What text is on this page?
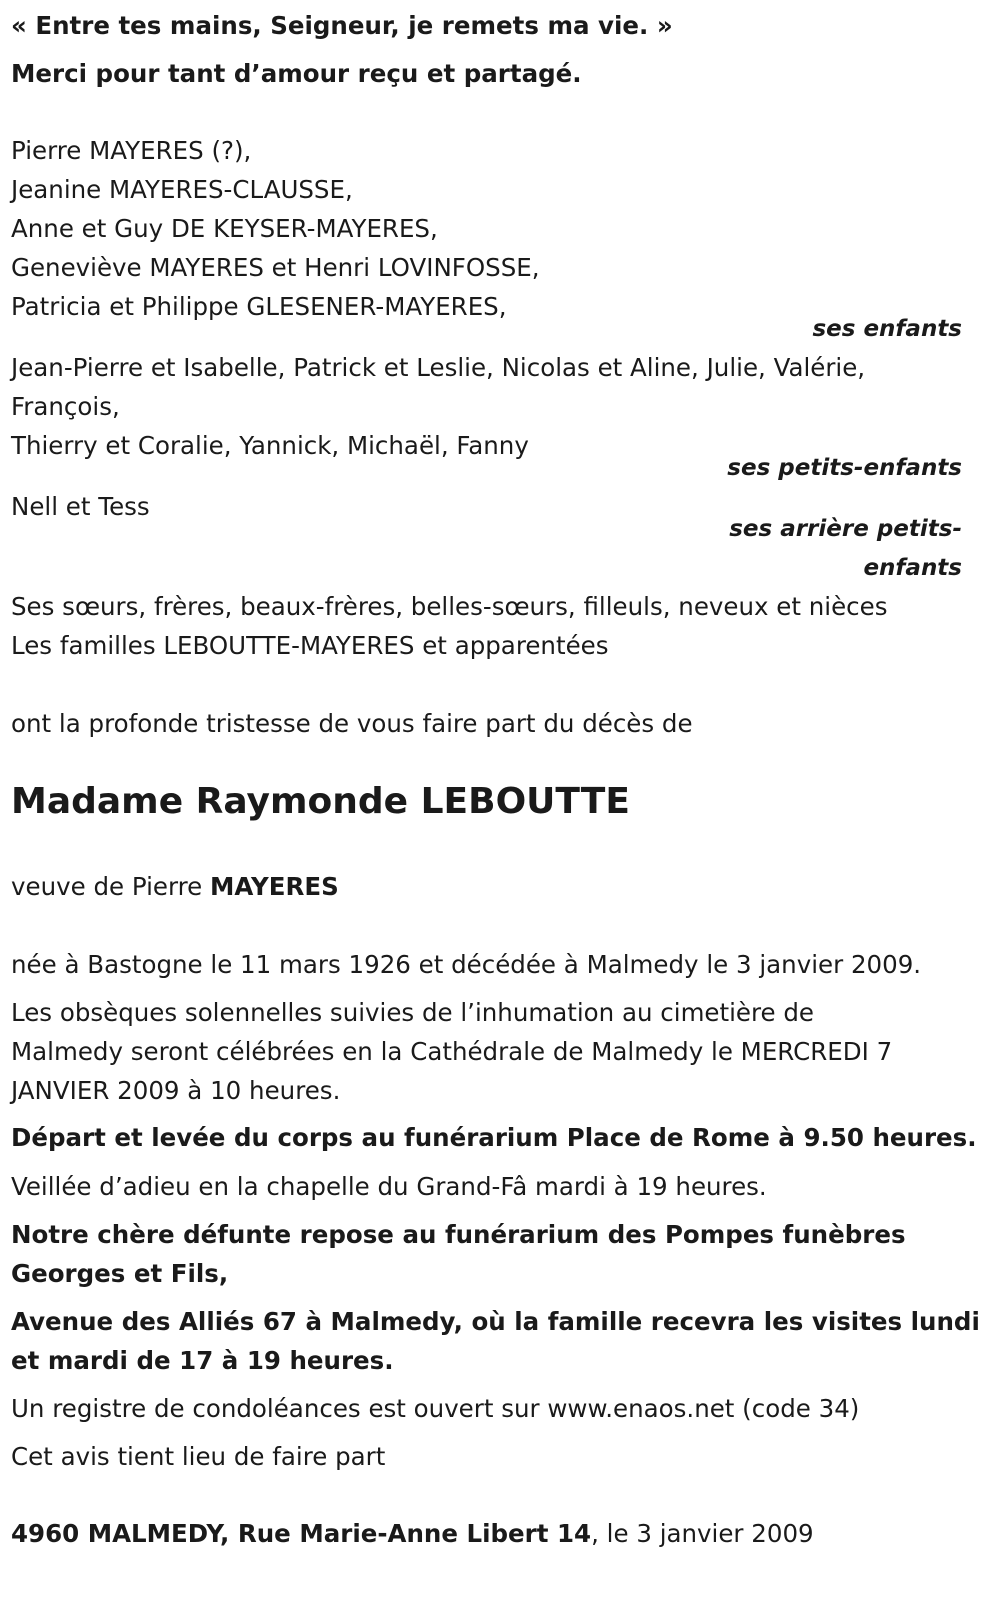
« Entre tes mains, Seigneur, je remets ma vie. »
Merci pour tant d’amour reçu et partagé.
Pierre MAYERES (?),
Jeanine MAYERES-CLAUSSE,
Anne et Guy DE KEYSER-MAYERES,
Geneviève MAYERES et Henri LOVINFOSSE,
Patricia et Philippe GLESENER-MAYERES,
ses enfants
Jean-Pierre et Isabelle, Patrick et Leslie, Nicolas et Aline, Julie, Valérie,
François,
Thierry et Coralie, Yannick, Michaël, Fanny
ses petits-enfants
Nell et Tess
ses arrière petits-
enfants
Ses sœurs, frères, beaux-frères, belles-sœurs, filleuls, neveux et nièces
Les familles LEBOUTTE-MAYERES et apparentées
ont la profonde tristesse de vous faire part du décès de
Madame Raymonde LEBOUTTE
veuve de Pierre MAYERES
née à Bastogne le 11 mars 1926 et décédée à Malmedy le 3 janvier 2009.
Les obsèques solennelles suivies de l’inhumation au cimetière de
Malmedy seront célébrées en la Cathédrale de Malmedy le MERCREDI 7
JANVIER 2009 à 10 heures.
Départ et levée du corps au funérarium Place de Rome à 9.50 heures.
Veillée d’adieu en la chapelle du Grand-Fâ mardi à 19 heures.
Notre chère défunte repose au funérarium des Pompes funèbres
Georges et Fils,
Avenue des Alliés 67 à Malmedy, où la famille recevra les visites lundi
et mardi de 17 à 19 heures.
Un registre de condoléances est ouvert sur www.enaos.net (code 34)
Cet avis tient lieu de faire part
4960 MALMEDY, Rue Marie-Anne Libert 14, le 3 janvier 2009
